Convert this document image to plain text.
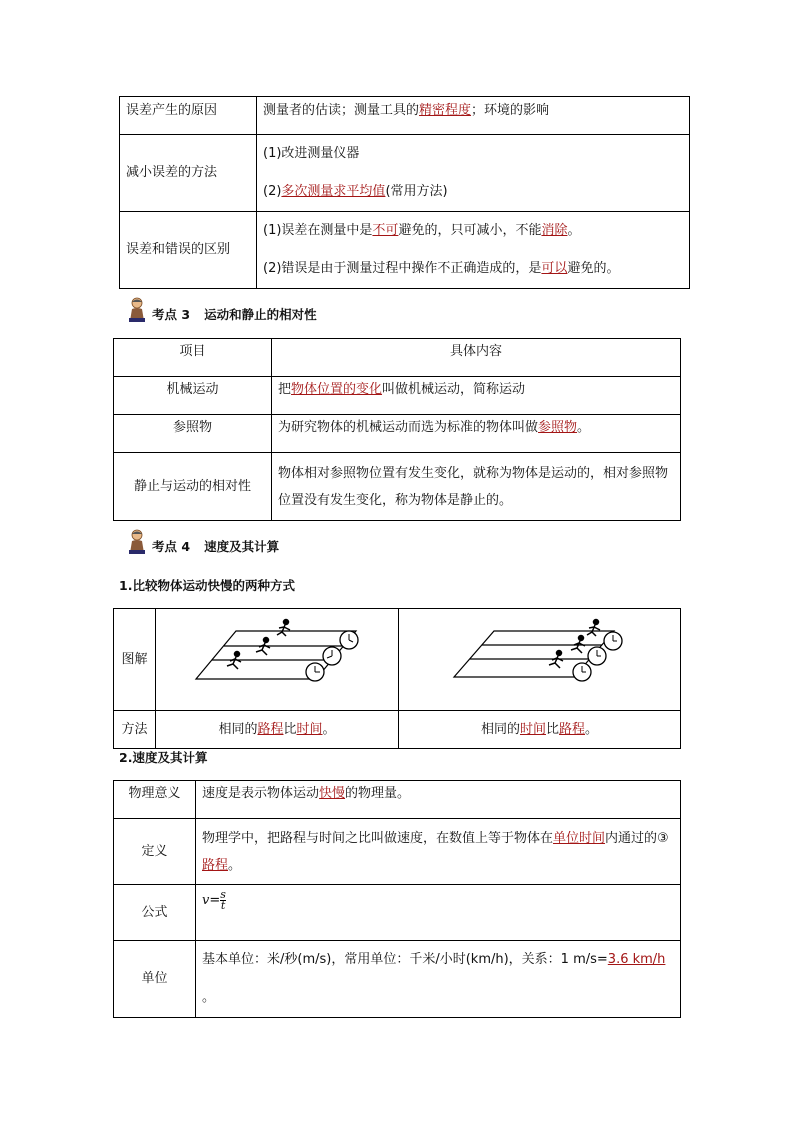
误差产生的原因	测量者的估读；测量工具的精密程度；环境的影响
减小误差的方法	(1)改进测量仪器
(2)多次测量求平均值(常用方法)

误差和错误的区别	(1)误差在测量中是不可避免的，只可减小，不能消除。
(2)错误是由于测量过程中操作不正确造成的，是可以避免的。
考点 3 运动和静止的相对性
项目	具体内容
机械运动	把物体位置的变化叫做机械运动，简称运动
参照物	为研究物体的机械运动而选为标准的物体叫做参照物。
静止与运动的相对性	物体相对参照物位置有发生变化，就称为物体是运动的，相对参照物位置没有发生变化，称为物体是静止的。
考点 4 速度及其计算
1.比较物体运动快慢的两种方式
图解		
方法	相同的路程比时间。	相同的时间比路程。
2.速度及其计算
物理意义	速度是表示物体运动快慢的物理量。
定义	物理学中，把路程与时间之比叫做速度，在数值上等于物体在单位时间内通过的③路程。
公式	$v= \frac{s}{t}$

单位	基本单位：米/秒(m/s)，常用单位：千米/小时(km/h)，关系：1 m/s=3.6 km/h
。
